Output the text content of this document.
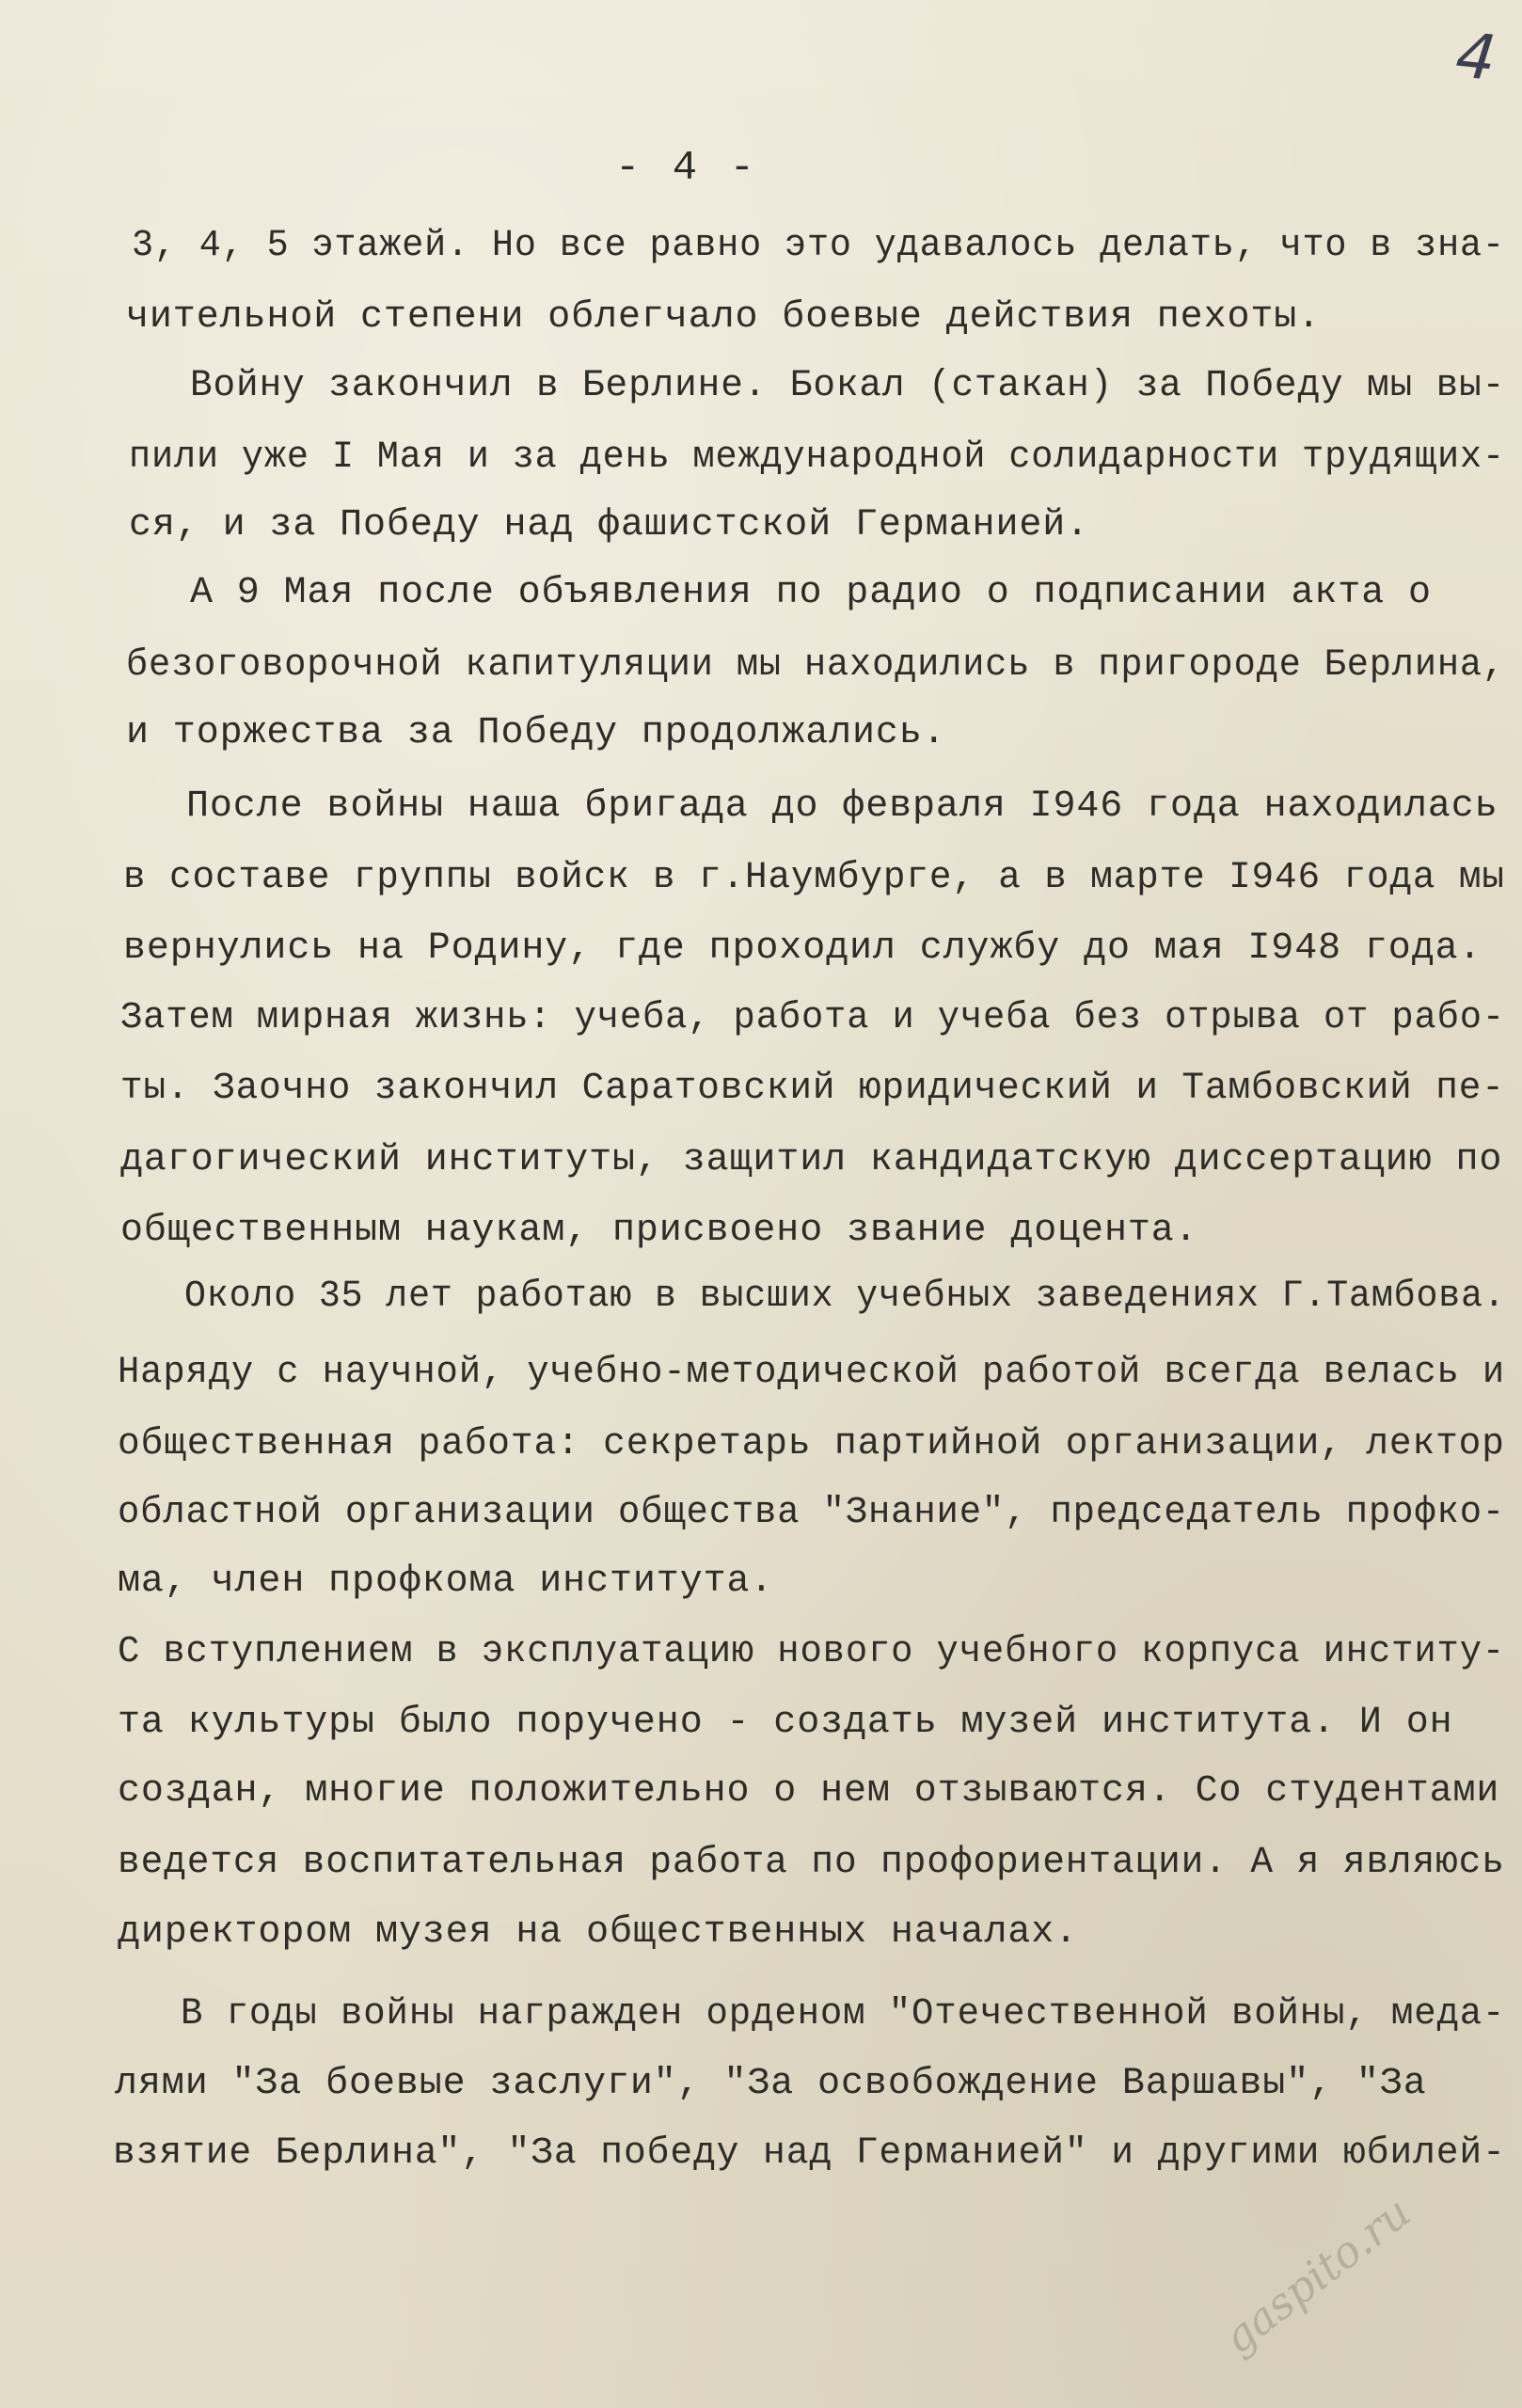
4
- 4 -
3, 4, 5 этажей. Но все равно это удавалось делать, что в зна-
чительной степени облегчало боевые действия пехоты.
Войну закончил в Берлине. Бокал (стакан) за Победу мы вы-
пили уже I Мая и за день международной солидарности трудящих-
ся, и за Победу над фашистской Германией.
А 9 Мая после объявления по радио о подписании акта о
безоговорочной капитуляции мы находились в пригороде Берлина,
и торжества за Победу продолжались.
После войны наша бригада до февраля I946 года находилась
в составе группы войск в г.Наумбурге, а в марте I946 года мы
вернулись на Родину, где проходил службу до мая I948 года.
Затем мирная жизнь: учеба, работа и учеба без отрыва от рабо-
ты. Заочно закончил Саратовский юридический и Тамбовский пе-
дагогический институты, защитил кандидатскую диссертацию по
общественным наукам, присвоено звание доцента.
Около 35 лет работаю в высших учебных заведениях Г.Тамбова.
Наряду с научной, учебно-методической работой всегда велась и
общественная работа: секретарь партийной организации, лектор
областной организации общества "Знание", председатель профко-
ма, член профкома института.
С вступлением в эксплуатацию нового учебного корпуса институ-
та культуры было поручено - создать музей института. И он
создан, многие положительно о нем отзываются. Со студентами
ведется воспитательная работа по профориентации. А я являюсь
директором музея на общественных началах.
В годы войны награжден орденом "Отечественной войны, меда-
лями "За боевые заслуги", "За освобождение Варшавы", "За
взятие Берлина", "За победу над Германией" и другими юбилей-
gaspito.ru
